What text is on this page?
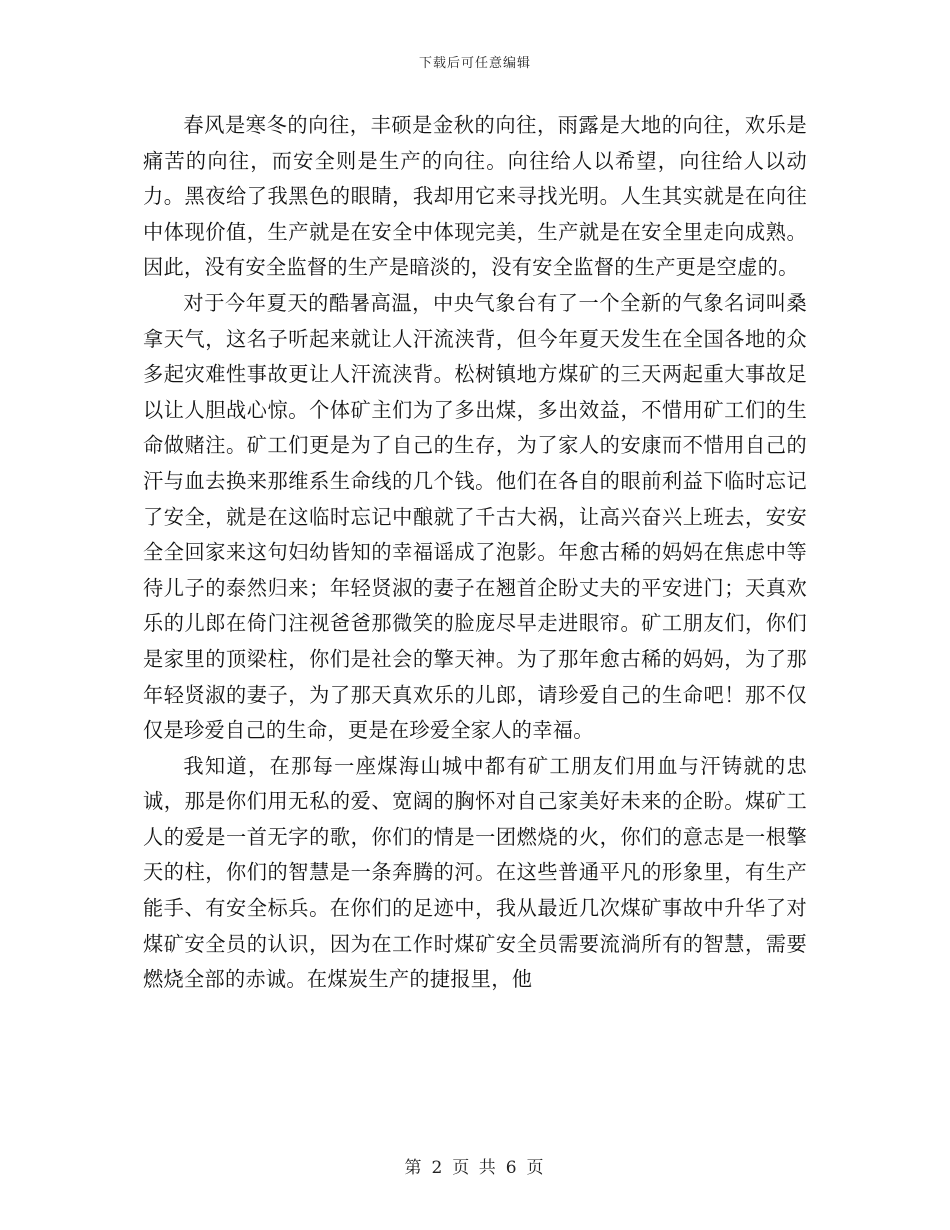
下载后可任意编辑

春风是寒冬的向往，丰硕是金秋的向往，雨露是大地的向往，欢乐是痛苦的向往，而安全则是生产的向往。向往给人以希望，向往给人以动力。黑夜给了我黑色的眼睛，我却用它来寻找光明。人生其实就是在向往中体现价值，生产就是在安全中体现完美，生产就是在安全里走向成熟。因此，没有安全监督的生产是暗淡的，没有安全监督的生产更是空虚的。

对于今年夏天的酷暑高温，中央气象台有了一个全新的气象名词叫桑拿天气，这名子听起来就让人汗流浃背，但今年夏天发生在全国各地的众多起灾难性事故更让人汗流浃背。松树镇地方煤矿的三天两起重大事故足以让人胆战心惊。个体矿主们为了多出煤，多出效益，不惜用矿工们的生命做赌注。矿工们更是为了自己的生存，为了家人的安康而不惜用自己的汗与血去换来那维系生命线的几个钱。他们在各自的眼前利益下临时忘记了安全，就是在这临时忘记中酿就了千古大祸，让高兴奋兴上班去，安安全全回家来这句妇幼皆知的幸福谣成了泡影。年愈古稀的妈妈在焦虑中等待儿子的泰然归来；年轻贤淑的妻子在翘首企盼丈夫的平安进门；天真欢乐的儿郎在倚门注视爸爸那微笑的脸庞尽早走进眼帘。矿工朋友们，你们是家里的顶梁柱，你们是社会的擎天神。为了那年愈古稀的妈妈，为了那年轻贤淑的妻子，为了那天真欢乐的儿郎，请珍爱自己的生命吧！那不仅仅是珍爱自己的生命，更是在珍爱全家人的幸福。

我知道，在那每一座煤海山城中都有矿工朋友们用血与汗铸就的忠诚，那是你们用无私的爱、宽阔的胸怀对自己家美好未来的企盼。煤矿工人的爱是一首无字的歌，你们的情是一团燃烧的火，你们的意志是一根擎天的柱，你们的智慧是一条奔腾的河。在这些普通平凡的形象里，有生产能手、有安全标兵。在你们的足迹中，我从最近几次煤矿事故中升华了对煤矿安全员的认识，因为在工作时煤矿安全员需要流淌所有的智慧，需要燃烧全部的赤诚。在煤炭生产的捷报里，他

第 2 页 共 6 页
